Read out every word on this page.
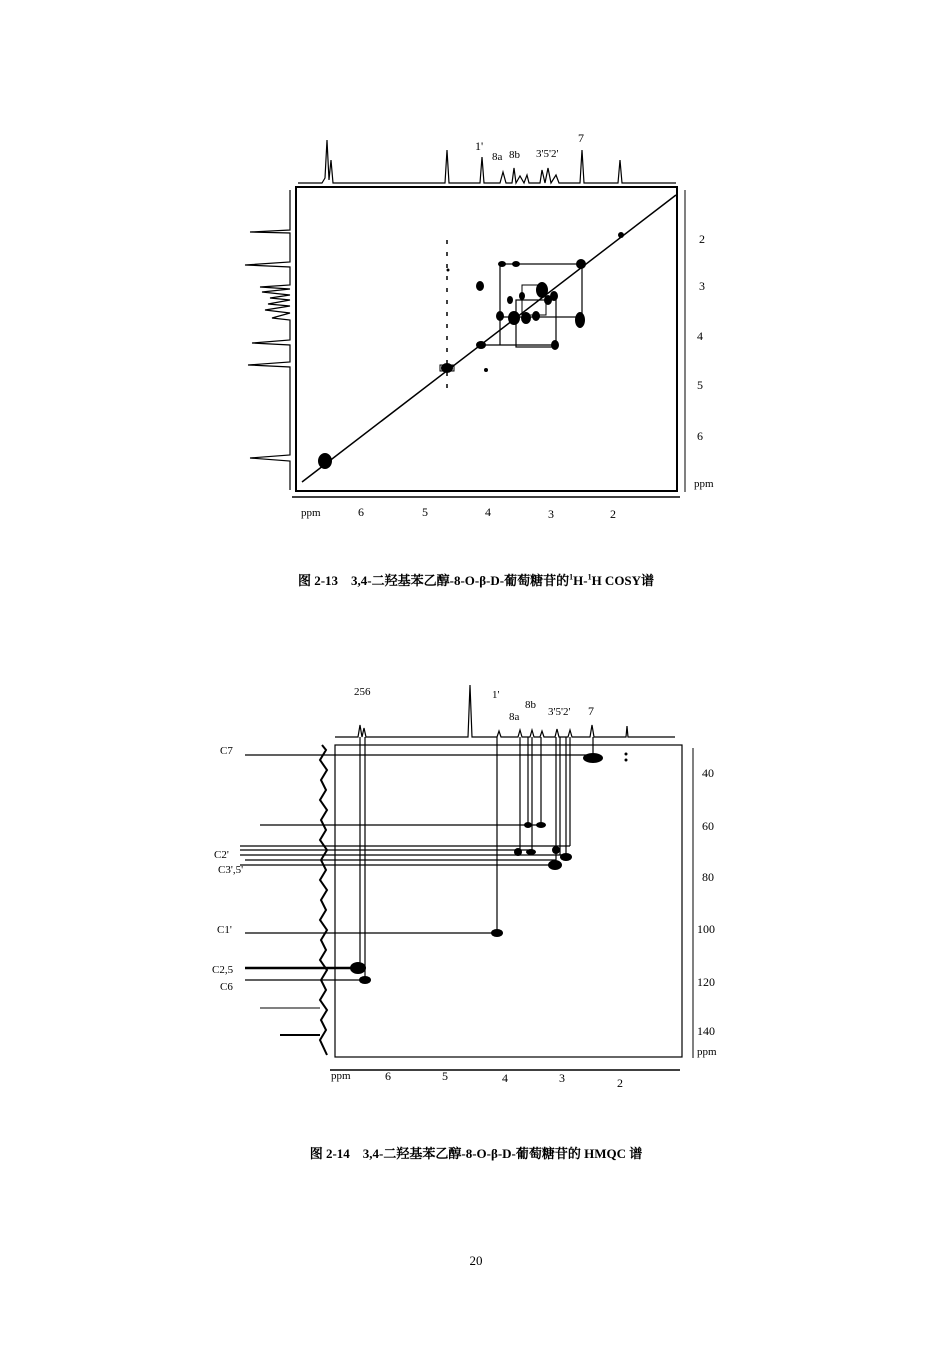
1'
8a 8b 3'5'2'
7
ppm	6	5	4	3	2
2
3
4
5
6
ppm
图 2-13　3,4-二羟基苯乙醇-8-O-β-D-葡萄糖苷的$^1$H-$^1$H COSY谱
256	1'
8b
8a	3'5'2' 7
C7
C2'
C3',5'
C1'
C2,5
C6
40
60
80
100
120
140
ppm
ppm	6	5	4	3	2
图 2-14　3,4-二羟基苯乙醇-8-O-β-D-葡萄糖苷的 HMQC 谱
20
